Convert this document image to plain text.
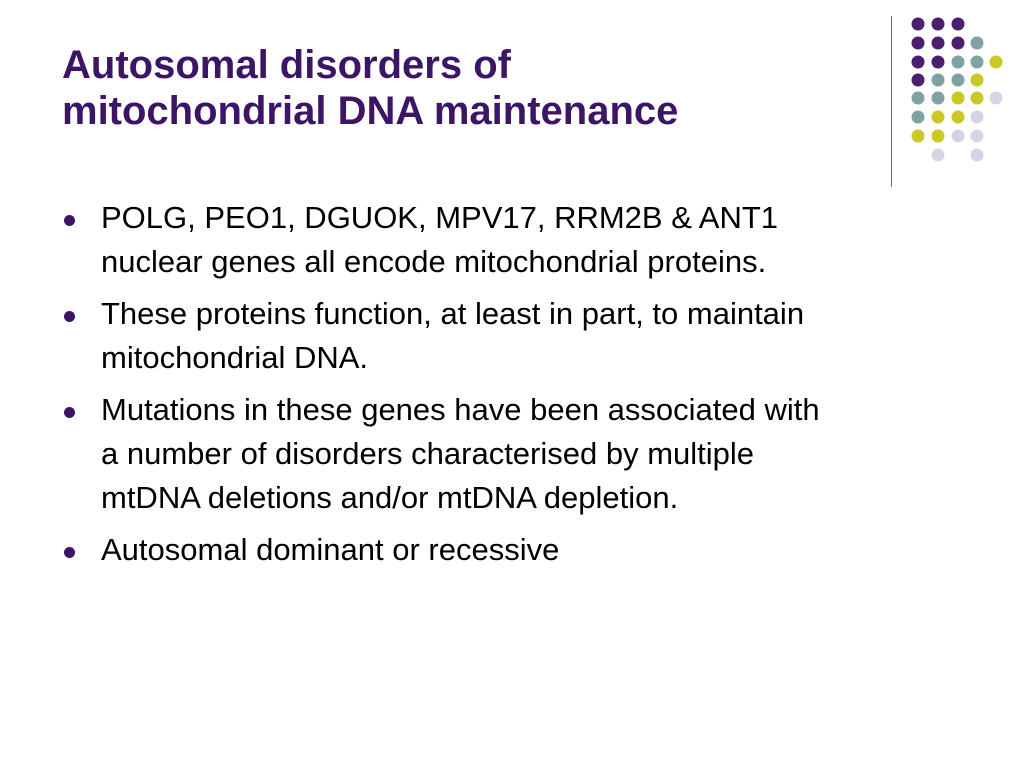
Autosomal disorders of
mitochondrial DNA maintenance
POLG, PEO1, DGUOK, MPV17, RRM2B & ANT1
nuclear genes all encode mitochondrial proteins.
These proteins function, at least in part, to maintain
mitochondrial DNA.
Mutations in these genes have been associated with
a number of disorders characterised by multiple
mtDNA deletions and/or mtDNA depletion.
Autosomal dominant or recessive
